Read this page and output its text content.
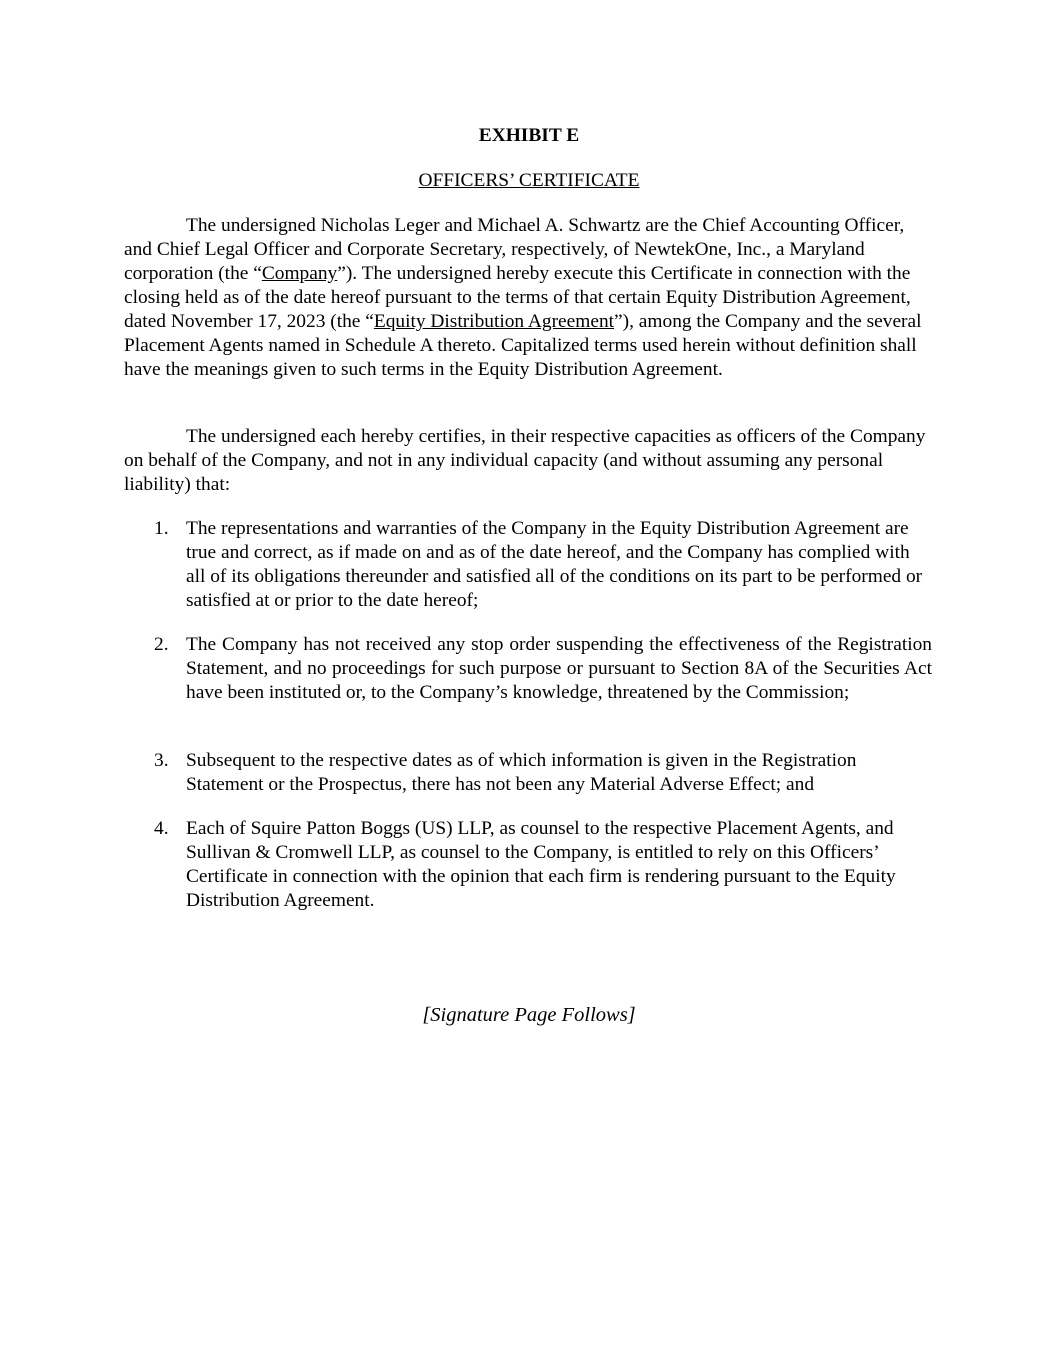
EXHIBIT E
OFFICERS’ CERTIFICATE

The undersigned Nicholas Leger and Michael A. Schwartz are the Chief Accounting Officer, and Chief Legal Officer and Corporate Secretary, respectively, of NewtekOne, Inc., a Maryland corporation (the “Company”). The undersigned hereby execute this Certificate in connection with the closing held as of the date hereof pursuant to the terms of that certain Equity Distribution Agreement, dated November 17, 2023 (the “Equity Distribution Agreement”), among the Company and the several Placement Agents named in Schedule A thereto. Capitalized terms used herein without definition shall have the meanings given to such terms in the Equity Distribution Agreement.

The undersigned each hereby certifies, in their respective capacities as officers of the Company on behalf of the Company, and not in any individual capacity (and without assuming any personal liability) that:

1. The representations and warranties of the Company in the Equity Distribution Agreement are true and correct, as if made on and as of the date hereof, and the Company has complied with all of its obligations thereunder and satisfied all of the conditions on its part to be performed or satisfied at or prior to the date hereof;
2. The Company has not received any stop order suspending the effectiveness of the Registration Statement, and no proceedings for such purpose or pursuant to Section 8A of the Securities Act have been instituted or, to the Company’s knowledge, threatened by the Commission;
3. Subsequent to the respective dates as of which information is given in the Registration Statement or the Prospectus, there has not been any Material Adverse Effect; and
4. Each of Squire Patton Boggs (US) LLP, as counsel to the respective Placement Agents, and Sullivan & Cromwell LLP, as counsel to the Company, is entitled to rely on this Officers’ Certificate in connection with the opinion that each firm is rendering pursuant to the Equity Distribution Agreement.
[Signature Page Follows]
